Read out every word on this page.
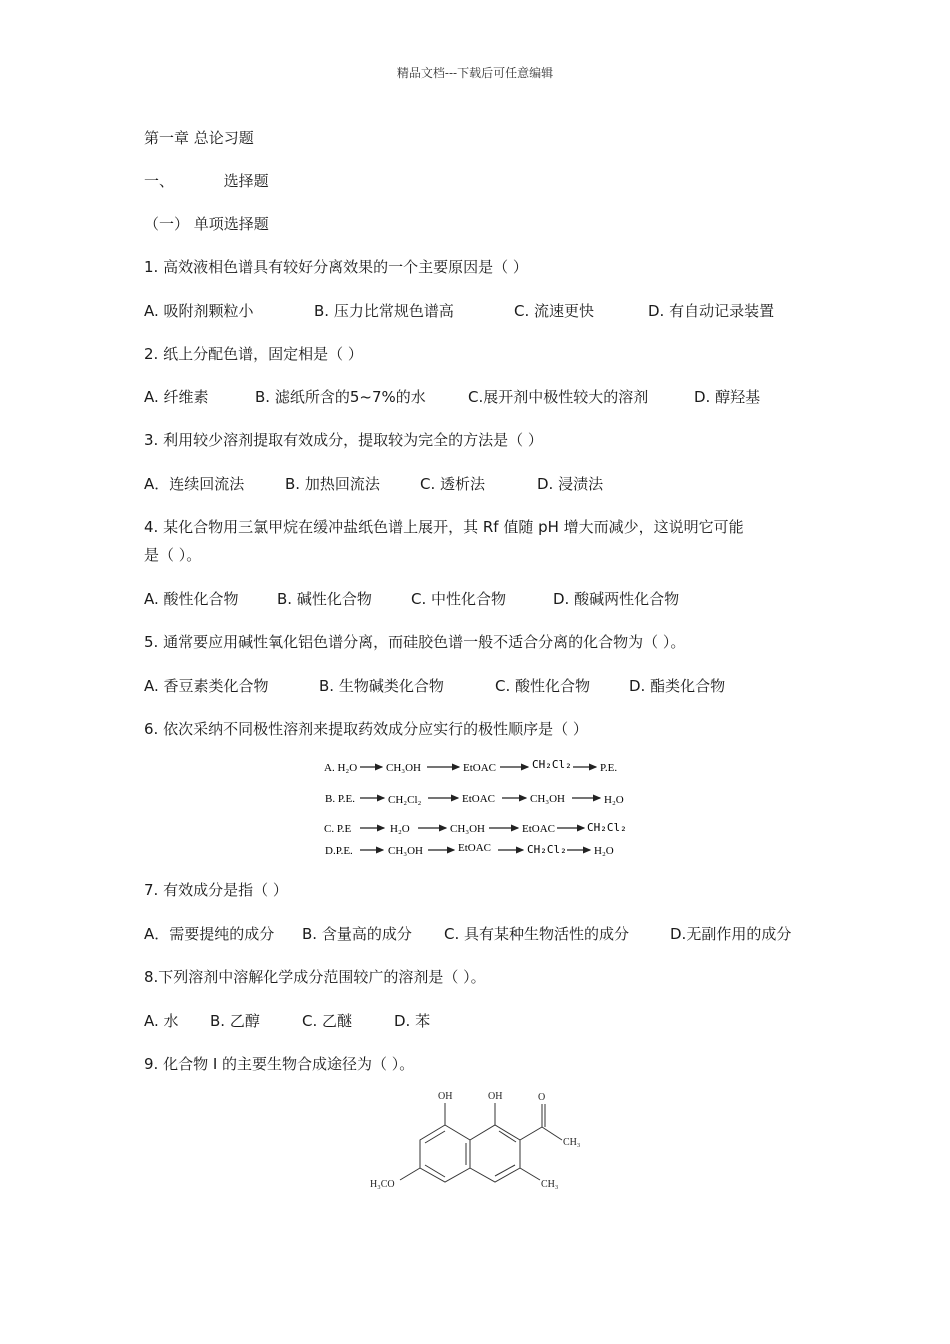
精品文档---下载后可任意编辑
第一章 总论习题
一、	选择题
（一） 单项选择题
1. 高效液相色谱具有较好分离效果的一个主要原因是（ ）
A. 吸附剂颗粒小	B. 压力比常规色谱高	C. 流速更快	D. 有自动记录装置
2. 纸上分配色谱，固定相是（ ）
A. 纤维素	B. 滤纸所含的5~7%的水	C.展开剂中极性较大的溶剂	D. 醇羟基
3. 利用较少溶剂提取有效成分，提取较为完全的方法是（ ）
A．连续回流法	B. 加热回流法	C. 透析法	D. 浸渍法
4. 某化合物用三氯甲烷在缓冲盐纸色谱上展开，其 Rf 值随 pH 增大而减少，这说明它可能
是（ ）。
A. 酸性化合物	B. 碱性化合物	C. 中性化合物	D. 酸碱两性化合物
5. 通常要应用碱性氧化铝色谱分离，而硅胶色谱一般不适合分离的化合物为（ ）。
A. 香豆素类化合物	B. 生物碱类化合物	C. 酸性化合物	D. 酯类化合物
6. 依次采纳不同极性溶剂来提取药效成分应实行的极性顺序是（ ）
A. H₂O	CH₃OH	EtOAC	CH₂Cl₂	P.E.
B. P.E.	CH₂Cl₂	EtOAC	CH₃OH	H₂O
C. P.E	H₂O	CH₃OH	EtOAC	CH₂Cl₂
D.P.E.	CH₃OH	EtOAC	CH₂Cl₂ H₂O
OH	OH	O
CH₃
H₃CO	CH₃
7. 有效成分是指（ ）
A．需要提纯的成分 B. 含量高的成分 C. 具有某种生物活性的成分	D.无副作用的成分
8.下列溶剂中溶解化学成分范围较广的溶剂是（ ）。
A. 水 B. 乙醇	C. 乙醚	D. 苯
9. 化合物 I 的主要生物合成途径为（ ）。
